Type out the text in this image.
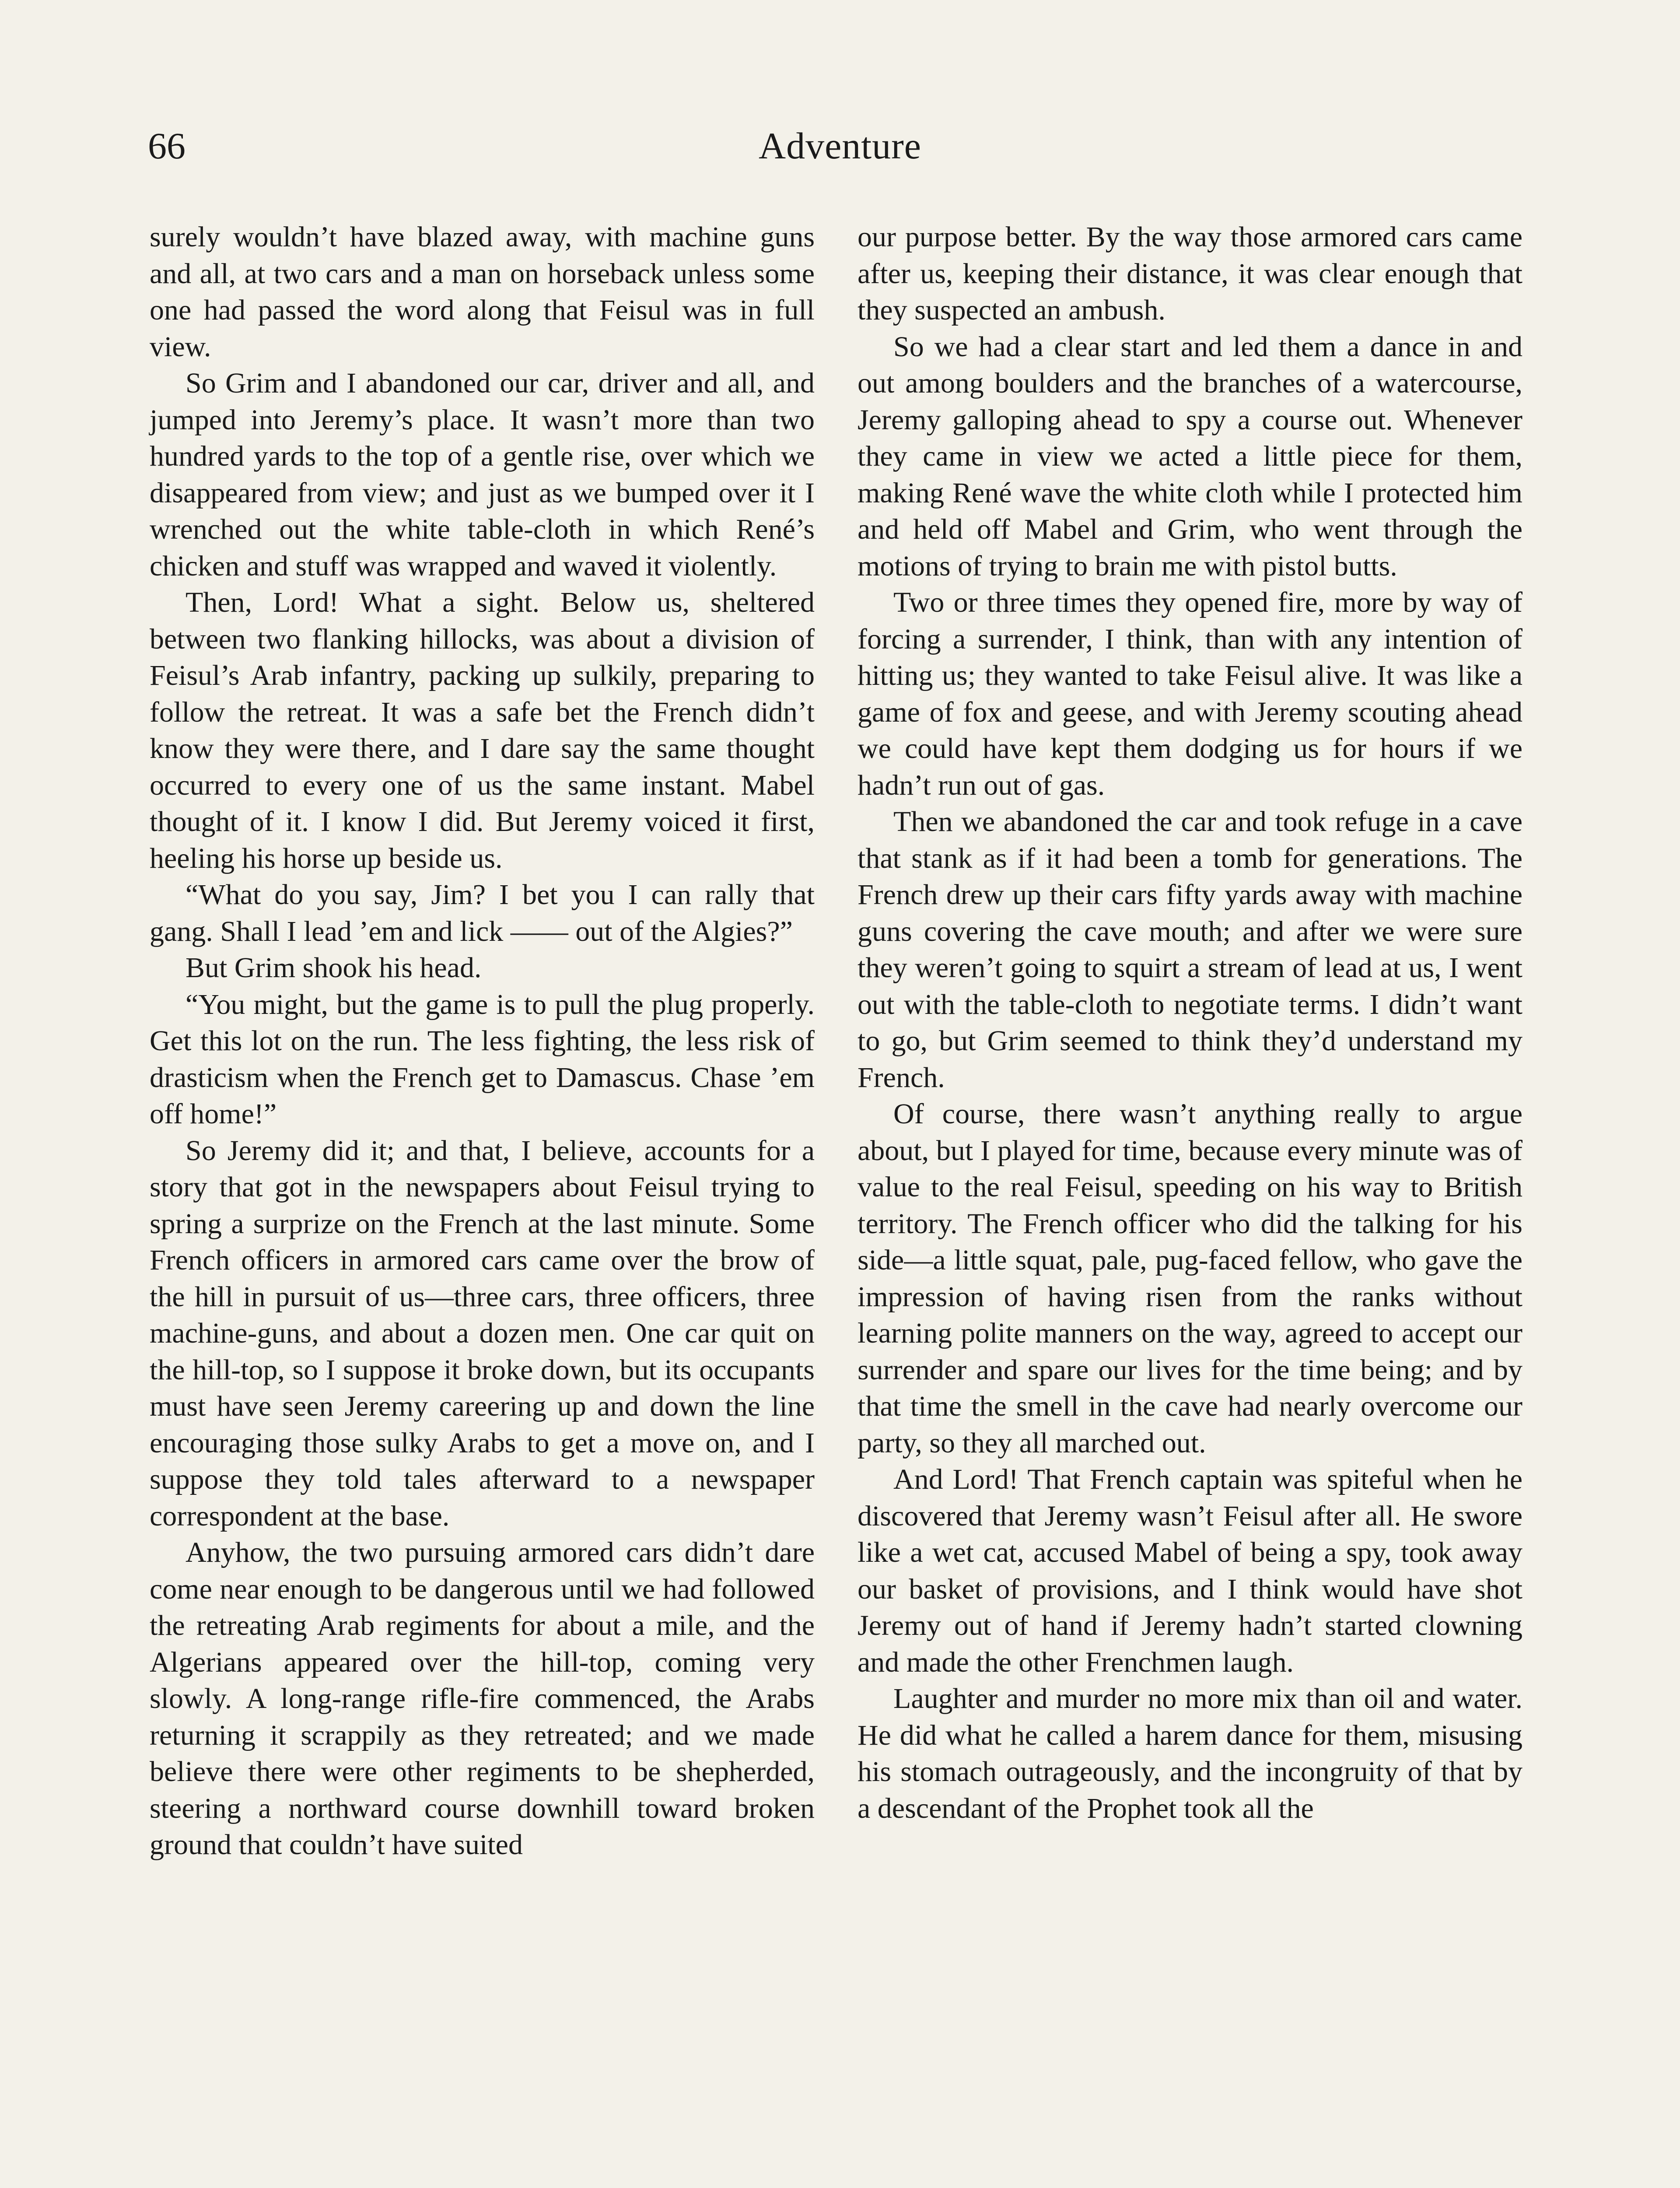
66	Adventure

surely wouldn’t have blazed away, with machine guns and all, at two cars and a man on horseback unless some one had passed the word along that Feisul was in full view.

So Grim and I abandoned our car, driver and all, and jumped into Jeremy’s place. It wasn’t more than two hundred yards to the top of a gentle rise, over which we disappeared from view; and just as we bumped over it I wrenched out the white table-cloth in which René’s chicken and stuff was wrapped and waved it violently.

Then, Lord! What a sight. Below us, sheltered between two flanking hillocks, was about a division of Feisul’s Arab infantry, packing up sulkily, preparing to follow the retreat. It was a safe bet the French didn’t know they were there, and I dare say the same thought occurred to every one of us the same instant. Mabel thought of it. I know I did. But Jeremy voiced it first, heeling his horse up beside us.

“What do you say, Jim? I bet you I can rally that gang. Shall I lead ’em and lick —— out of the Algies?”

But Grim shook his head.

“You might, but the game is to pull the plug properly. Get this lot on the run. The less fighting, the less risk of drasticism when the French get to Damascus. Chase ’em off home!”

So Jeremy did it; and that, I believe, accounts for a story that got in the newspapers about Feisul trying to spring a surprize on the French at the last minute. Some French officers in armored cars came over the brow of the hill in pursuit of us—three cars, three officers, three machine-guns, and about a dozen men. One car quit on the hill-top, so I suppose it broke down, but its occupants must have seen Jeremy careering up and down the line encouraging those sulky Arabs to get a move on, and I suppose they told tales afterward to a newspaper correspondent at the base.

Anyhow, the two pursuing armored cars didn’t dare come near enough to be dangerous until we had followed the retreating Arab regiments for about a mile, and the Algerians appeared over the hill-top, coming very slowly. A long-range rifle-fire commenced, the Arabs returning it scrappily as they retreated; and we made believe there were other regiments to be shepherded, steering a northward course downhill toward broken ground that couldn’t have suited

our purpose better. By the way those armored cars came after us, keeping their distance, it was clear enough that they suspected an ambush.

So we had a clear start and led them a dance in and out among boulders and the branches of a watercourse, Jeremy galloping ahead to spy a course out. Whenever they came in view we acted a little piece for them, making René wave the white cloth while I protected him and held off Mabel and Grim, who went through the motions of trying to brain me with pistol butts.

Two or three times they opened fire, more by way of forcing a surrender, I think, than with any intention of hitting us; they wanted to take Feisul alive. It was like a game of fox and geese, and with Jeremy scouting ahead we could have kept them dodging us for hours if we hadn’t run out of gas.

Then we abandoned the car and took refuge in a cave that stank as if it had been a tomb for generations. The French drew up their cars fifty yards away with machine guns covering the cave mouth; and after we were sure they weren’t going to squirt a stream of lead at us, I went out with the table-cloth to negotiate terms. I didn’t want to go, but Grim seemed to think they’d understand my French.

Of course, there wasn’t anything really to argue about, but I played for time, because every minute was of value to the real Feisul, speeding on his way to British territory. The French officer who did the talking for his side—a little squat, pale, pug-faced fellow, who gave the impression of having risen from the ranks without learning polite manners on the way, agreed to accept our surrender and spare our lives for the time being; and by that time the smell in the cave had nearly overcome our party, so they all marched out.

And Lord! That French captain was spiteful when he discovered that Jeremy wasn’t Feisul after all. He swore like a wet cat, accused Mabel of being a spy, took away our basket of provisions, and I think would have shot Jeremy out of hand if Jeremy hadn’t started clowning and made the other Frenchmen laugh.

Laughter and murder no more mix than oil and water. He did what he called a harem dance for them, misusing his stomach outrageously, and the incongruity of that by a descendant of the Prophet took all the
